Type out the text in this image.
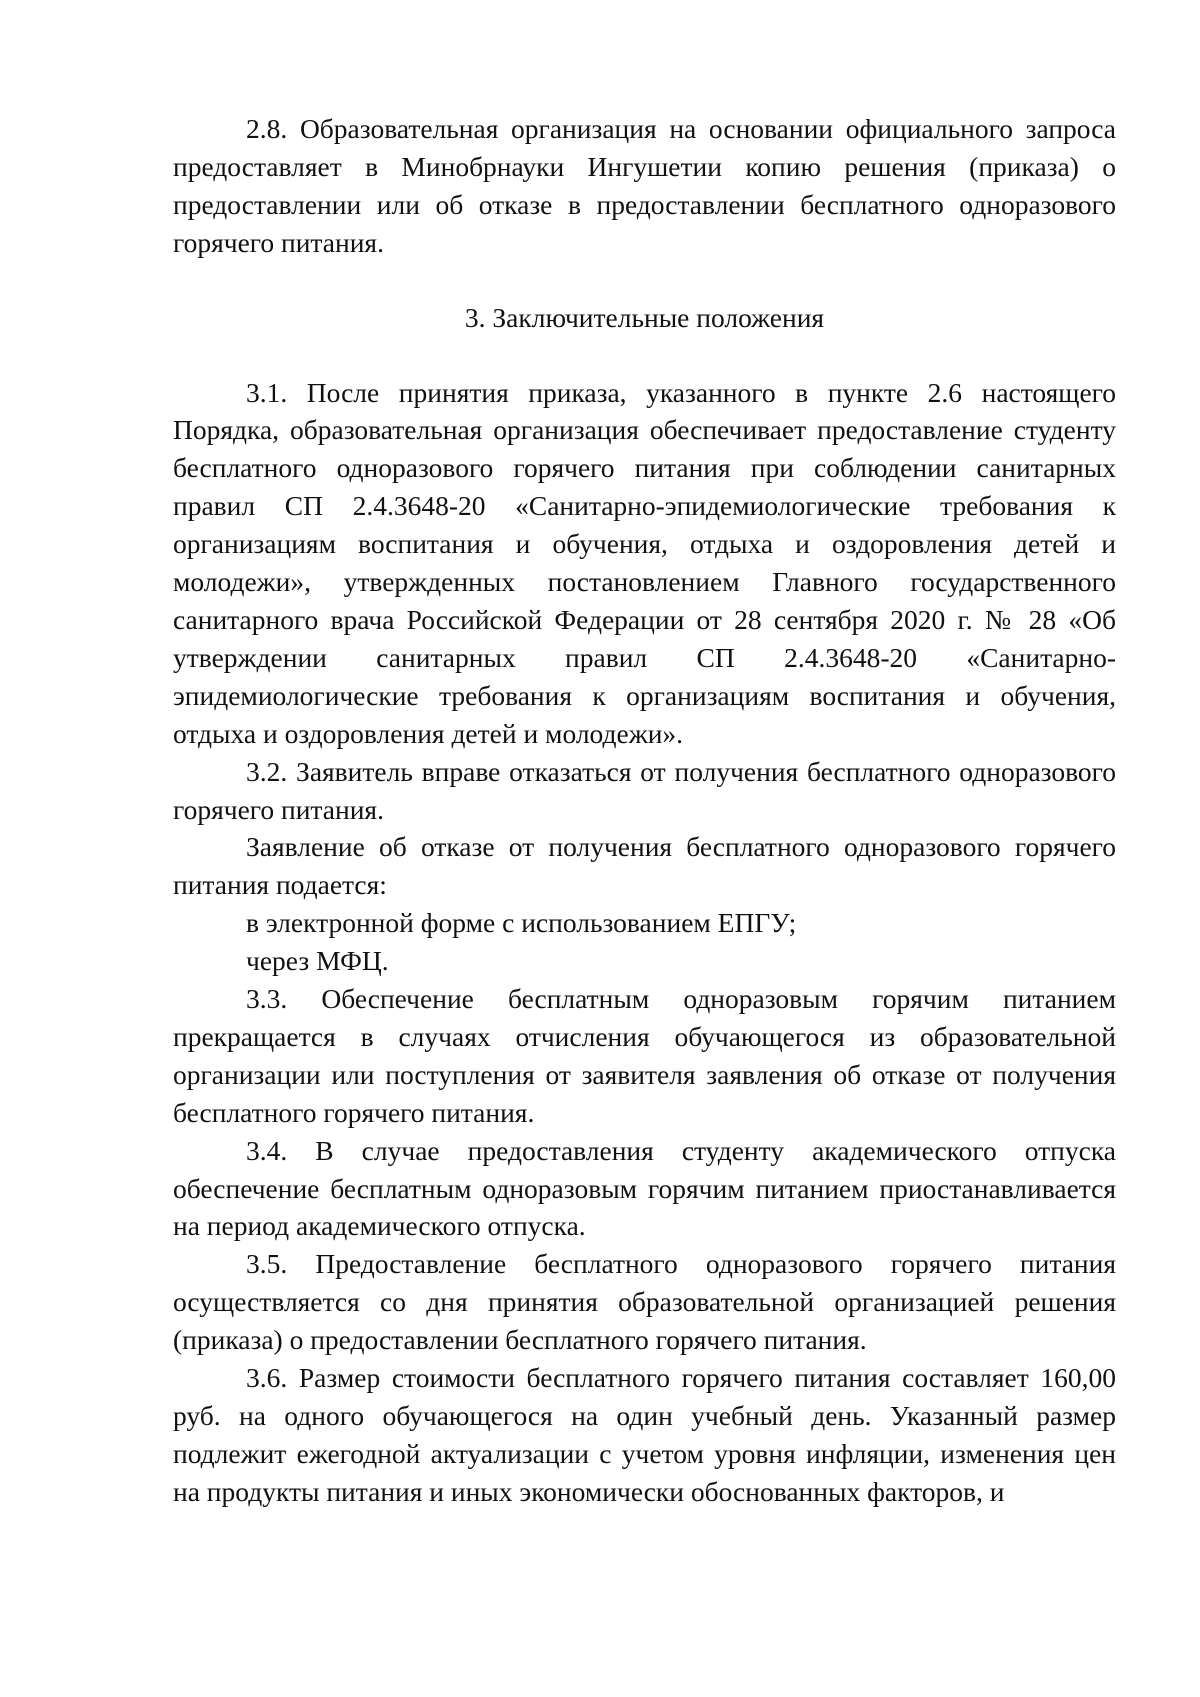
2.8. Образовательная организация на основании официального запроса предоставляет в Минобрнауки Ингушетии копию решения (приказа) о предоставлении или об отказе в предоставлении бесплатного одноразового горячего питания.

3. Заключительные положения

3.1. После принятия приказа, указанного в пункте 2.6 настоящего Порядка, образовательная организация обеспечивает предоставление студенту бесплатного одноразового горячего питания при соблюдении санитарных правил СП 2.4.3648-20 «Санитарно-эпидемиологические требования к организациям воспитания и обучения, отдыха и оздоровления детей и молодежи», утвержденных постановлением Главного государственного санитарного врача Российской Федерации от 28 сентября 2020 г. № 28 «Об утверждении санитарных правил СП 2.4.3648-20 «Санитарно-эпидемиологические требования к организациям воспитания и обучения, отдыха и оздоровления детей и молодежи».

3.2. Заявитель вправе отказаться от получения бесплатного одноразового горячего питания.

Заявление об отказе от получения бесплатного одноразового горячего питания подается:

в электронной форме с использованием ЕПГУ;

через МФЦ.

3.3. Обеспечение бесплатным одноразовым горячим питанием прекращается в случаях отчисления обучающегося из образовательной организации или поступления от заявителя заявления об отказе от получения бесплатного горячего питания.

3.4. В случае предоставления студенту академического отпуска обеспечение бесплатным одноразовым горячим питанием приостанавливается на период академического отпуска.

3.5. Предоставление бесплатного одноразового горячего питания осуществляется со дня принятия образовательной организацией решения (приказа) о предоставлении бесплатного горячего питания.

3.6. Размер стоимости бесплатного горячего питания составляет 160,00 руб. на одного обучающегося на один учебный день. Указанный размер подлежит ежегодной актуализации с учетом уровня инфляции, изменения цен на продукты питания и иных экономически обоснованных факторов, и
